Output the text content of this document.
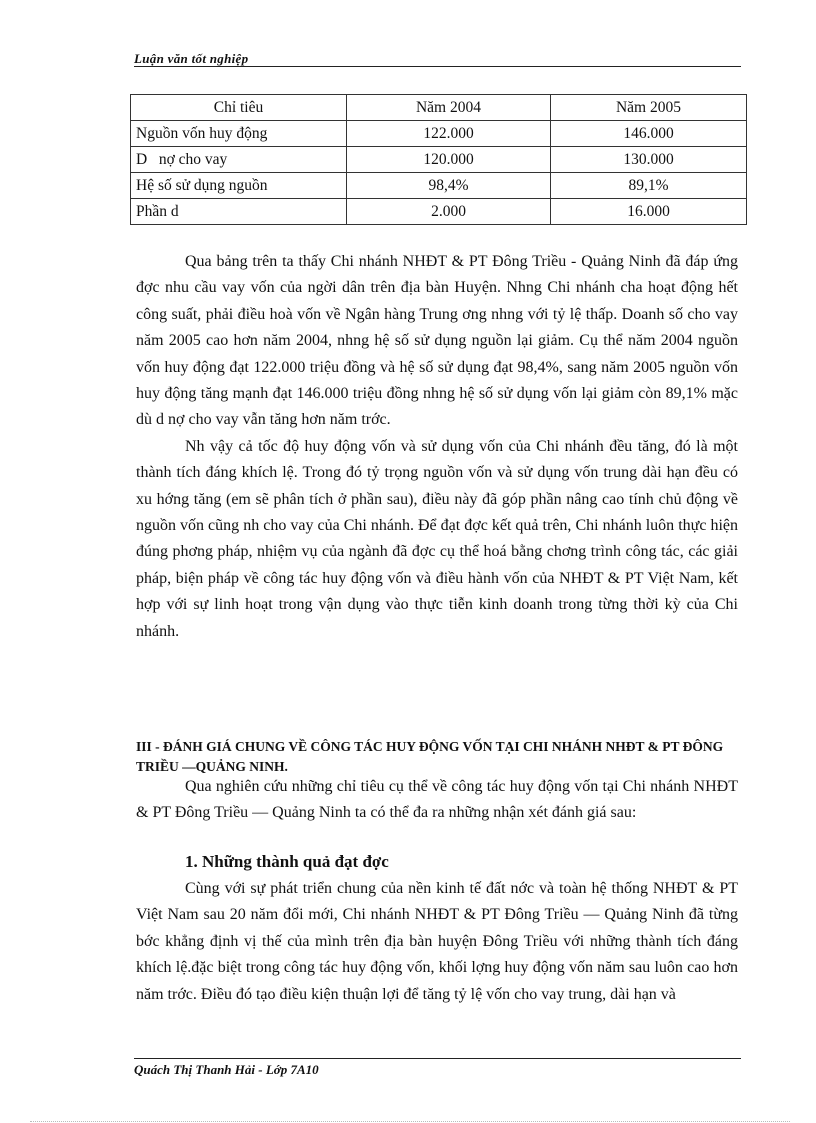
Luận văn tốt nghiệp
Chỉ tiêu	Năm 2004	Năm 2005
Nguồn vốn huy động	122.000	146.000
D   nợ cho vay	120.000	130.000
Hệ số sử dụng nguồn	98,4%	89,1%
Phần d	2.000	16.000

Qua bảng trên ta thấy Chi nhánh NHĐT & PT Đông Triều - Quảng Ninh đã đáp ứng đợc nhu cầu vay vốn của ngời dân trên địa bàn Huyện. Nhng Chi nhánh cha hoạt động hết công suất, phải điều hoà vốn về Ngân hàng Trung ơng nhng với tỷ lệ thấp. Doanh số cho vay năm 2005 cao hơn năm 2004, nhng hệ số sử dụng nguồn lại giảm. Cụ thể năm 2004 nguồn vốn huy động đạt 122.000 triệu đồng và hệ số sử dụng đạt 98,4%, sang năm 2005 nguồn vốn huy động tăng mạnh đạt 146.000 triệu đồng nhng hệ số sử dụng vốn lại giảm còn 89,1% mặc dù d nợ cho vay vẫn tăng hơn năm trớc.

Nh vậy cả tốc độ huy động vốn và sử dụng vốn của Chi nhánh đều tăng, đó là một thành tích đáng khích lệ. Trong đó tỷ trọng nguồn vốn và sử dụng vốn trung dài hạn đều có xu hớng tăng (em sẽ phân tích ở phần sau), điều này đã góp phần nâng cao tính chủ động về nguồn vốn cũng nh cho vay của Chi nhánh. Để đạt đợc kết quả trên, Chi nhánh luôn thực hiện đúng phơng pháp, nhiệm vụ của ngành đã đợc cụ thể hoá bằng chơng trình công tác, các giải pháp, biện pháp về công tác huy động vốn và điều hành vốn của NHĐT & PT Việt Nam, kết hợp với sự linh hoạt trong vận dụng vào thực tiễn kinh doanh trong từng thời kỳ của Chi nhánh.

III - ĐÁNH GIÁ CHUNG VỀ CÔNG TÁC HUY ĐỘNG VỐN TẠI CHI NHÁNH NHĐT & PT ĐÔNG TRIỀU —QUẢNG NINH.

Qua nghiên cứu những chỉ tiêu cụ thể về công tác huy động vốn tại Chi nhánh NHĐT & PT Đông Triều — Quảng Ninh ta có thể đa ra những nhận xét đánh giá sau:

1. Những thành quả đạt đợc

Cùng với sự phát triển chung của nền kinh tế đất nớc và toàn hệ thống NHĐT & PT Việt Nam sau 20 năm đổi mới, Chi nhánh NHĐT & PT Đông Triều — Quảng Ninh đã từng bớc khẳng định vị thế của mình trên địa bàn huyện Đông Triều với những thành tích đáng khích lệ.đặc biệt trong công tác huy động vốn, khối lợng huy động vốn năm sau luôn cao hơn năm trớc. Điều đó tạo điều kiện thuận lợi để tăng tỷ lệ vốn cho vay trung, dài hạn và

Quách Thị Thanh Hải - Lớp 7A10
